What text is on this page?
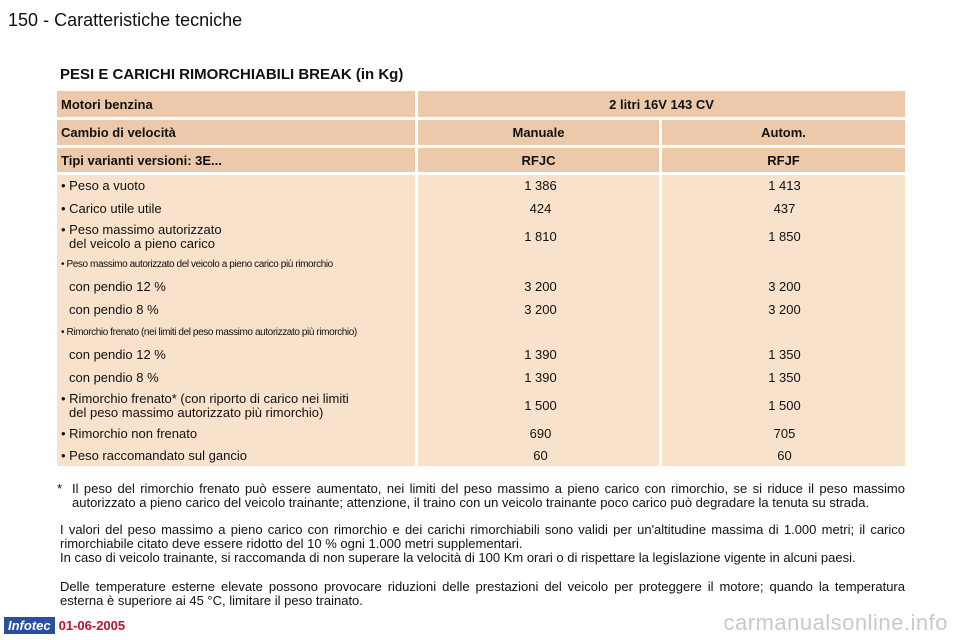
150 - Caratteristiche tecniche
PESI E CARICHI RIMORCHIABILI BREAK (in Kg)
Motori benzina	2 litri 16V 143 CV
Cambio di velocità	Manuale	Autom.
Tipi varianti versioni: 3E...	RFJC	RFJF
• Peso a vuoto	1 386	1 413
• Carico utile utile	424	437
• Peso massimo autorizzato
del veicolo a pieno carico	1 810	1 850
• Peso massimo autorizzato del veicolo a pieno carico più rimorchio
con pendio 12 %	3 200	3 200
con pendio 8 %	3 200	3 200
• Rimorchio frenato (nei limiti del peso massimo autorizzato più rimorchio)
con pendio 12 %	1 390	1 350
con pendio 8 %	1 390	1 350
• Rimorchio frenato* (con riporto di carico nei limiti
del peso massimo autorizzato più rimorchio)	1 500	1 500
• Rimorchio non frenato	690	705
• Peso raccomandato sul gancio	60	60
* Il peso del rimorchio frenato può essere aumentato, nei limiti del peso massimo a pieno carico con rimorchio, se si riduce il peso massimo autorizzato a pieno carico del veicolo trainante; attenzione, il traino con un veicolo trainante poco carico può degradare la tenuta su strada.
I valori del peso massimo a pieno carico con rimorchio e dei carichi rimorchiabili sono validi per un'altitudine massima di 1.000 metri; il carico rimorchiabile citato deve essere ridotto del 10 % ogni 1.000 metri supplementari.
In caso di veicolo trainante, si raccomanda di non superare la velocità di 100 Km orari o di rispettare la legislazione vigente in alcuni paesi.
Delle temperature esterne elevate possono provocare riduzioni delle prestazioni del veicolo per proteggere il motore; quando la temperatura esterna è superiore ai 45 °C, limitare il peso trainato.
Infotec 01-06-2005	carmanualsonline.info
